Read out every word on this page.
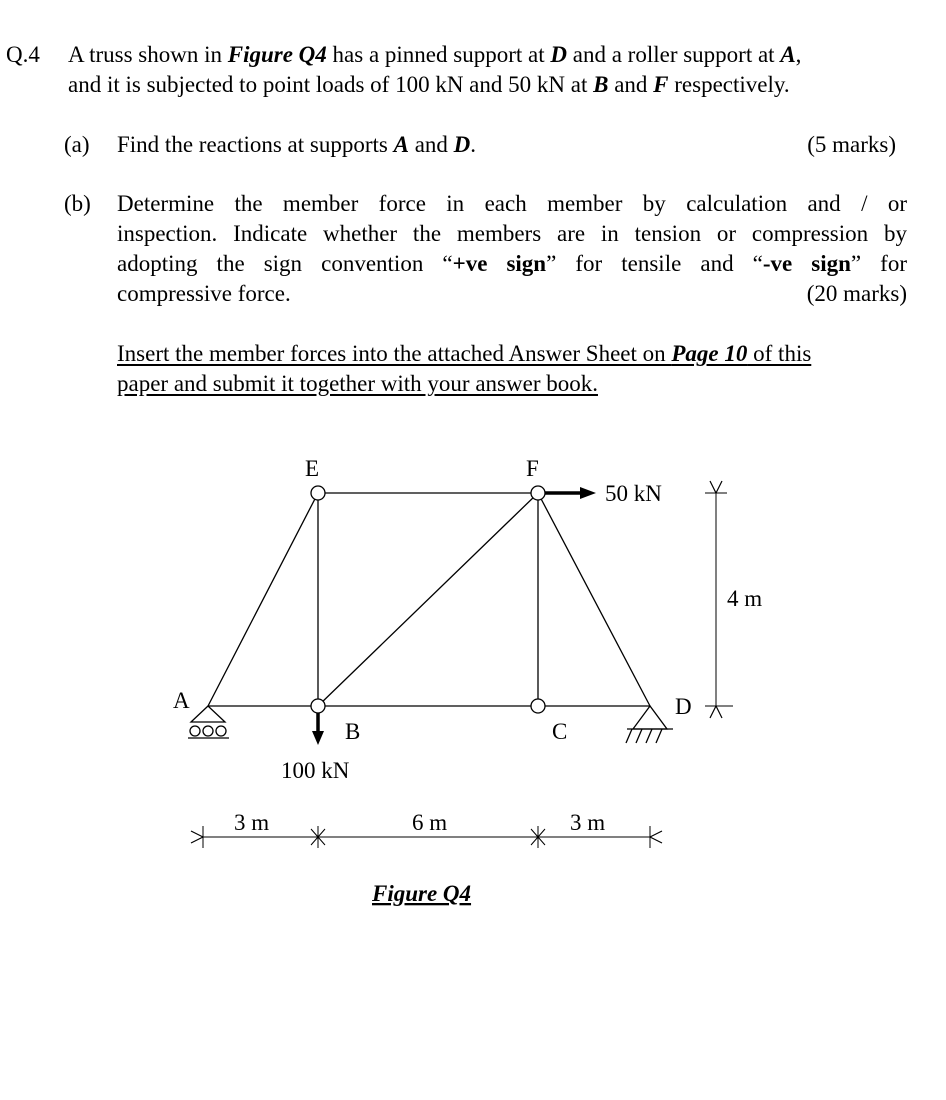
Q.4 A truss shown in Figure Q4 has a pinned support at D and a roller support at A,
and it is subjected to point loads of 100 kN and 50 kN at B and F respectively.
(a) Find the reactions at supports A and D.	(5 marks)
(b) Determine the member force in each member by calculation and / or
inspection. Indicate whether the members are in tension or compression by
adopting the sign convention “+ve sign” for tensile and “-ve sign” for
compressive force.	(20 marks)
Insert the member forces into the attached Answer Sheet on Page 10 of this
paper and submit it together with your answer book.
E	F
A
B	C
D
50 kN
100 kN
4 m
3 m	6 m	3 m
Figure Q4
